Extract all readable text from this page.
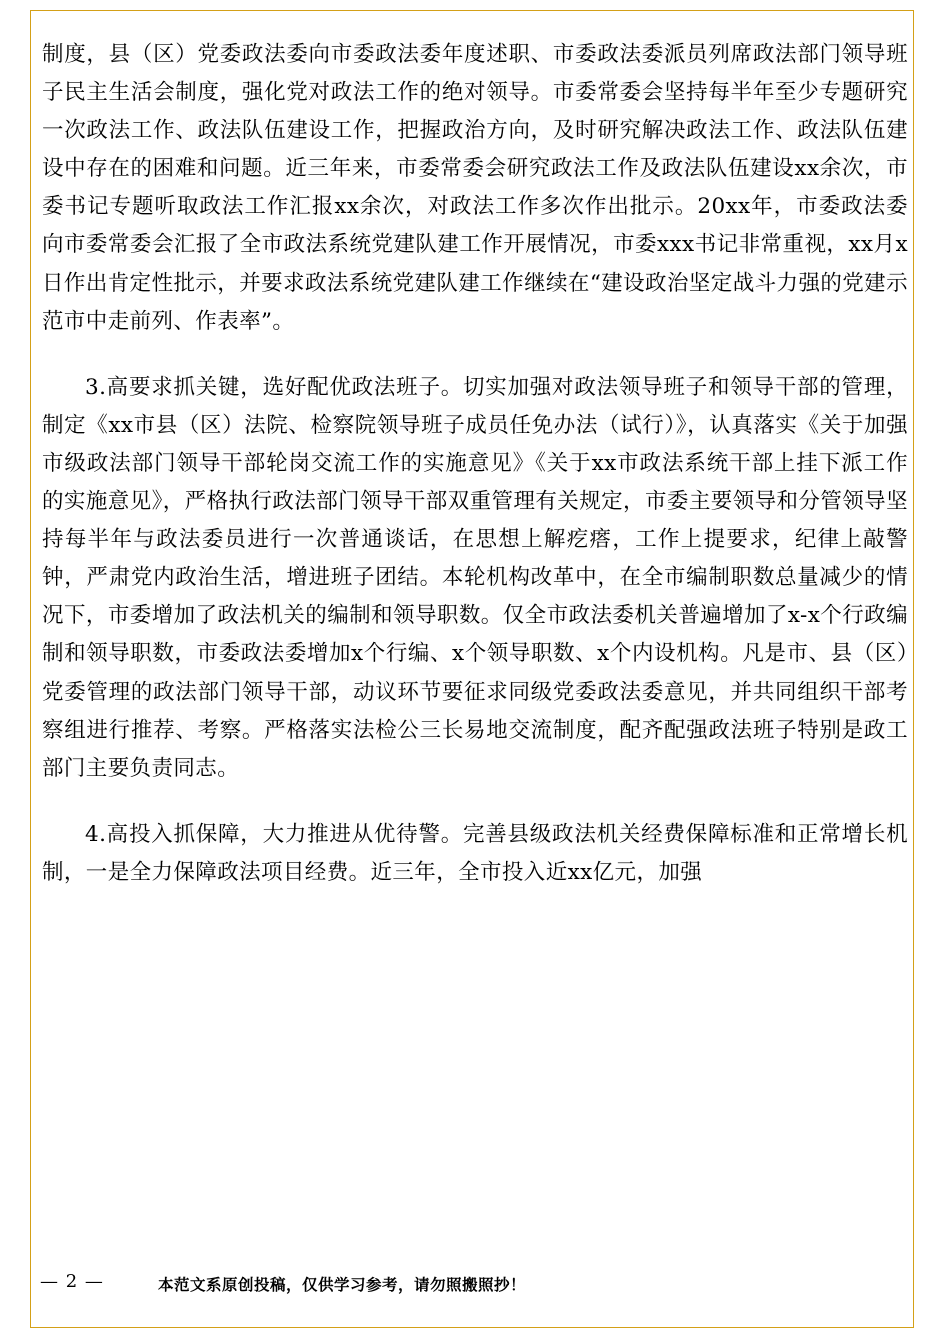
制度，县（区）党委政法委向市委政法委年度述职、市委政法委派员列席政法部门领导班子民主生活会制度，强化党对政法工作的绝对领导。市委常委会坚持每半年至少专题研究一次政法工作、政法队伍建设工作，把握政治方向，及时研究解决政法工作、政法队伍建设中存在的困难和问题。近三年来，市委常委会研究政法工作及政法队伍建设xx余次，市委书记专题听取政法工作汇报xx余次，对政法工作多次作出批示。20xx年，市委政法委向市委常委会汇报了全市政法系统党建队建工作开展情况，市委xxx书记非常重视，xx月x日作出肯定性批示，并要求政法系统党建队建工作继续在“建设政治坚定战斗力强的党建示范市中走前列、作表率”。

3.高要求抓关键，选好配优政法班子。切实加强对政法领导班子和领导干部的管理，制定《xx市县（区）法院、检察院领导班子成员任免办法（试行）》，认真落实《关于加强市级政法部门领导干部轮岗交流工作的实施意见》《关于xx市政法系统干部上挂下派工作的实施意见》，严格执行政法部门领导干部双重管理有关规定，市委主要领导和分管领导坚持每半年与政法委员进行一次普通谈话，在思想上解疙瘩，工作上提要求，纪律上敲警钟，严肃党内政治生活，增进班子团结。本轮机构改革中，在全市编制职数总量减少的情况下，市委增加了政法机关的编制和领导职数。仅全市政法委机关普遍增加了x-x个行政编制和领导职数，市委政法委增加x个行编、x个领导职数、x个内设机构。凡是市、县（区）党委管理的政法部门领导干部，动议环节要征求同级党委政法委意见，并共同组织干部考察组进行推荐、考察。严格落实法检公三长易地交流制度，配齐配强政法班子特别是政工部门主要负责同志。

4.高投入抓保障，大力推进从优待警。完善县级政法机关经费保障标准和正常增长机制，一是全力保障政法项目经费。近三年，全市投入近xx亿元，加强

— 2 —	本范文系原创投稿，仅供学习参考，请勿照搬照抄！
